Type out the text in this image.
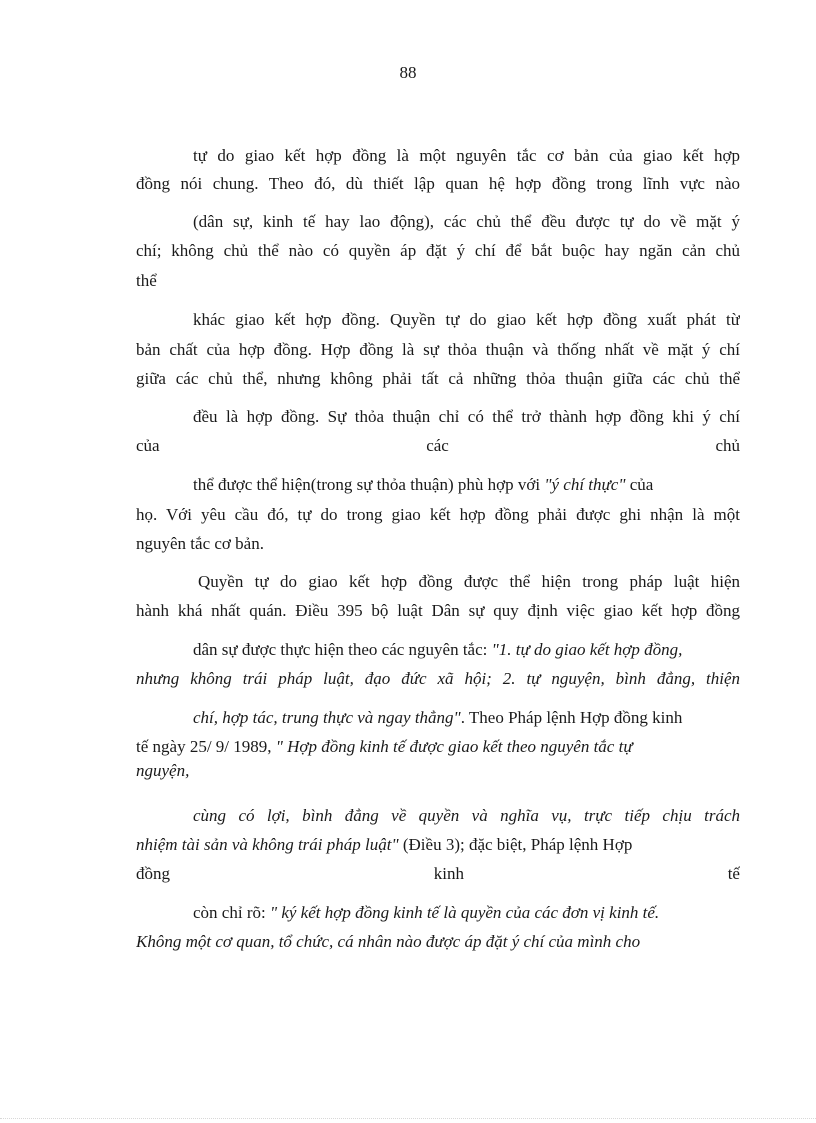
88
tự do giao kết hợp đồng là một nguyên tắc cơ bản của giao kết hợp
đồng nói chung. Theo đó, dù thiết lập quan hệ hợp đồng trong lĩnh vực nào
(dân sự, kinh tế hay lao động), các chủ thể đều được tự do về mặt ý
chí; không chủ thể nào có quyền áp đặt ý chí để bắt buộc hay ngăn cản chủ
thể
khác giao kết hợp đồng. Quyền tự do giao kết hợp đồng xuất phát từ
bản chất của hợp đồng. Hợp đồng là sự thỏa thuận và thống nhất về mặt ý chí
giữa các chủ thể, nhưng không phải tất cả những thỏa thuận giữa các chủ thể
đều là hợp đồng. Sự thỏa thuận chỉ có thể trở thành hợp đồng khi ý chí
của	các	chủ
thể được thể hiện(trong sự thỏa thuận) phù hợp với "ý chí thực" của
họ. Với yêu cầu đó, tự do trong giao kết hợp đồng phải được ghi nhận là một
nguyên tắc cơ bản.
Quyền tự do giao kết hợp đồng được thể hiện trong pháp luật hiện
hành khá nhất quán. Điều 395 bộ luật Dân sự quy định việc giao kết hợp đồng
dân sự được thực hiện theo các nguyên tắc: "1. tự do giao kết hợp đồng,
nhưng không trái pháp luật, đạo đức xã hội; 2. tự nguyện, bình đẳng, thiện
chí, hợp tác, trung thực và ngay thẳng". Theo Pháp lệnh Hợp đồng kinh
tế ngày 25/ 9/ 1989, " Hợp đồng kinh tế được giao kết theo nguyên tắc tự
nguyện,
cùng có lợi, bình đẳng về quyền và nghĩa vụ, trực tiếp chịu trách
nhiệm tài sản và không trái pháp luật" (Điều 3); đặc biệt, Pháp lệnh Hợp
đồng	kinh	tế
còn chỉ rõ: " ký kết hợp đồng kinh tế là quyền của các đơn vị kinh tế.
Không một cơ quan, tổ chức, cá nhân nào được áp đặt ý chí của mình cho
